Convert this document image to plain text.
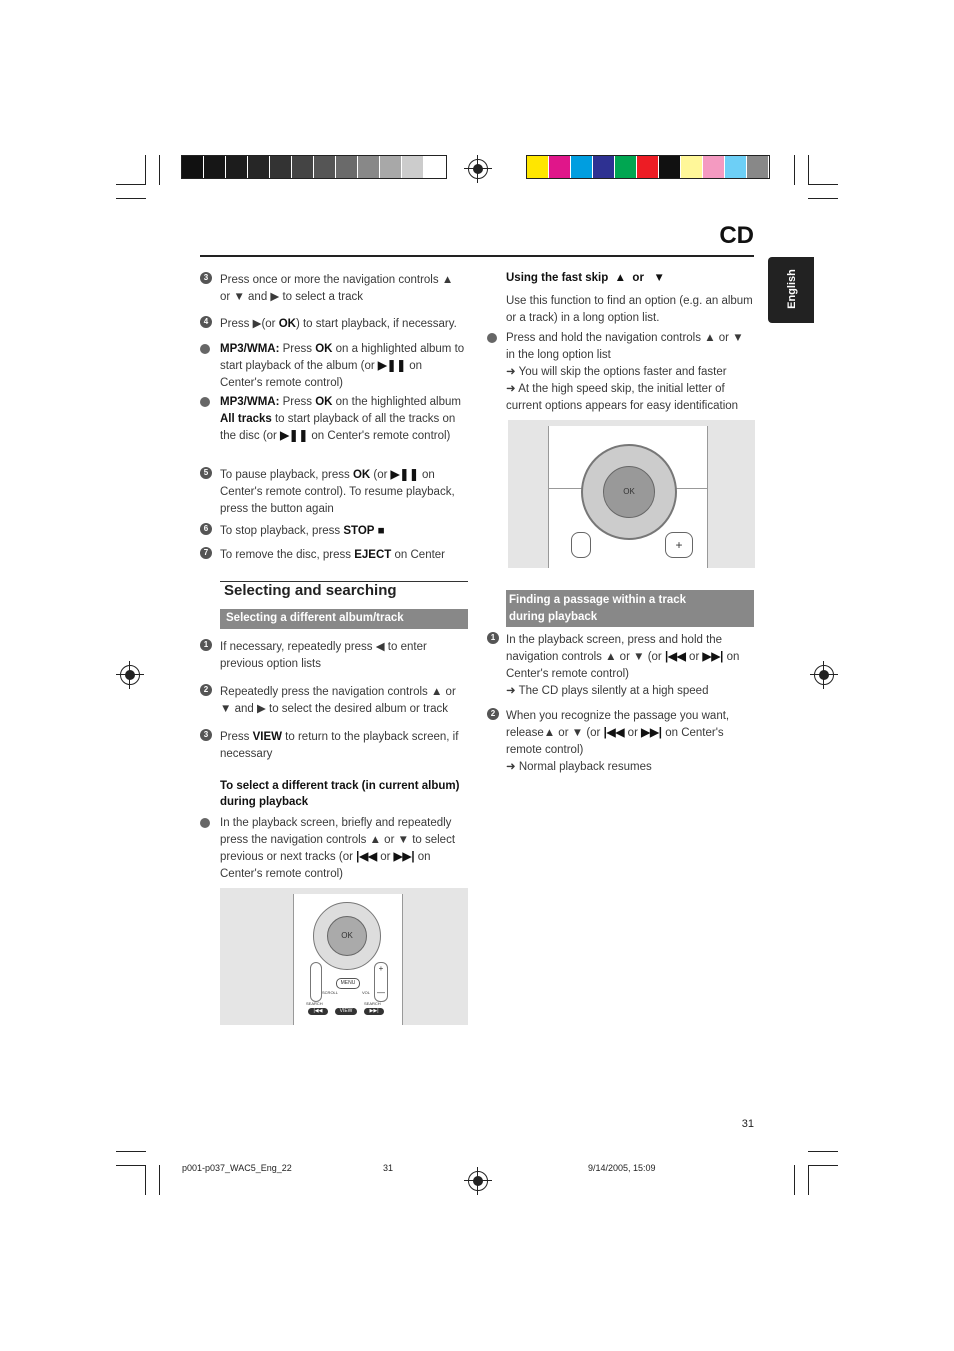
CD
English
3	Press once or more the navigation controls ▲
or ▼ and ▶ to select a track
4	Press ▶(or OK) to start playback, if necessary.
MP3/WMA: Press OK on a highlighted album to start playback of the album (or ▶❚❚ on Center's remote control)
MP3/WMA: Press OK on the highlighted album All tracks to start playback of all the tracks on the disc (or ▶❚❚ on Center's remote control)
5	To pause playback, press OK (or ▶❚❚ on Center's remote control). To resume playback, press the button again
6	To stop playback, press STOP ■
7	To remove the disc, press EJECT on Center
Selecting and searching
Selecting a different album/track
1	If necessary, repeatedly press ◀ to enter previous option lists
2	Repeatedly press the navigation controls ▲ or
▼ and ▶ to select the desired album or track
3	Press VIEW to return to the playback screen, if necessary
To select a different track (in current album) during playback
In the playback screen, briefly and repeatedly press the navigation controls ▲ or ▼ to select previous or next tracks (or |◀◀ or ▶▶| on Center's remote control)
OK
+

—
MENU
SCROLL	VOL
SEARCH	SEARCH
|◀◀	VIEW	▶▶|
Using the fast skip ▲ or ▼
Use this function to find an option (e.g. an album or a track) in a long option list.
Press and hold the navigation controls ▲ or ▼ in the long option list
➜ You will skip the options faster and faster
➜ At the high speed skip, the initial letter of current options appears for easy identification
OK
+
Finding a passage within a track during playback
1 In the playback screen, press and hold the navigation controls ▲ or ▼ (or |◀◀ or ▶▶| on Center's remote control)
➜ The CD plays silently at a high speed
2 When you recognize the passage you want, release▲ or ▼ (or |◀◀ or ▶▶| on Center's remote control)
➜ Normal playback resumes
31
p001-p037_WAC5_Eng_22	31	9/14/2005, 15:09
